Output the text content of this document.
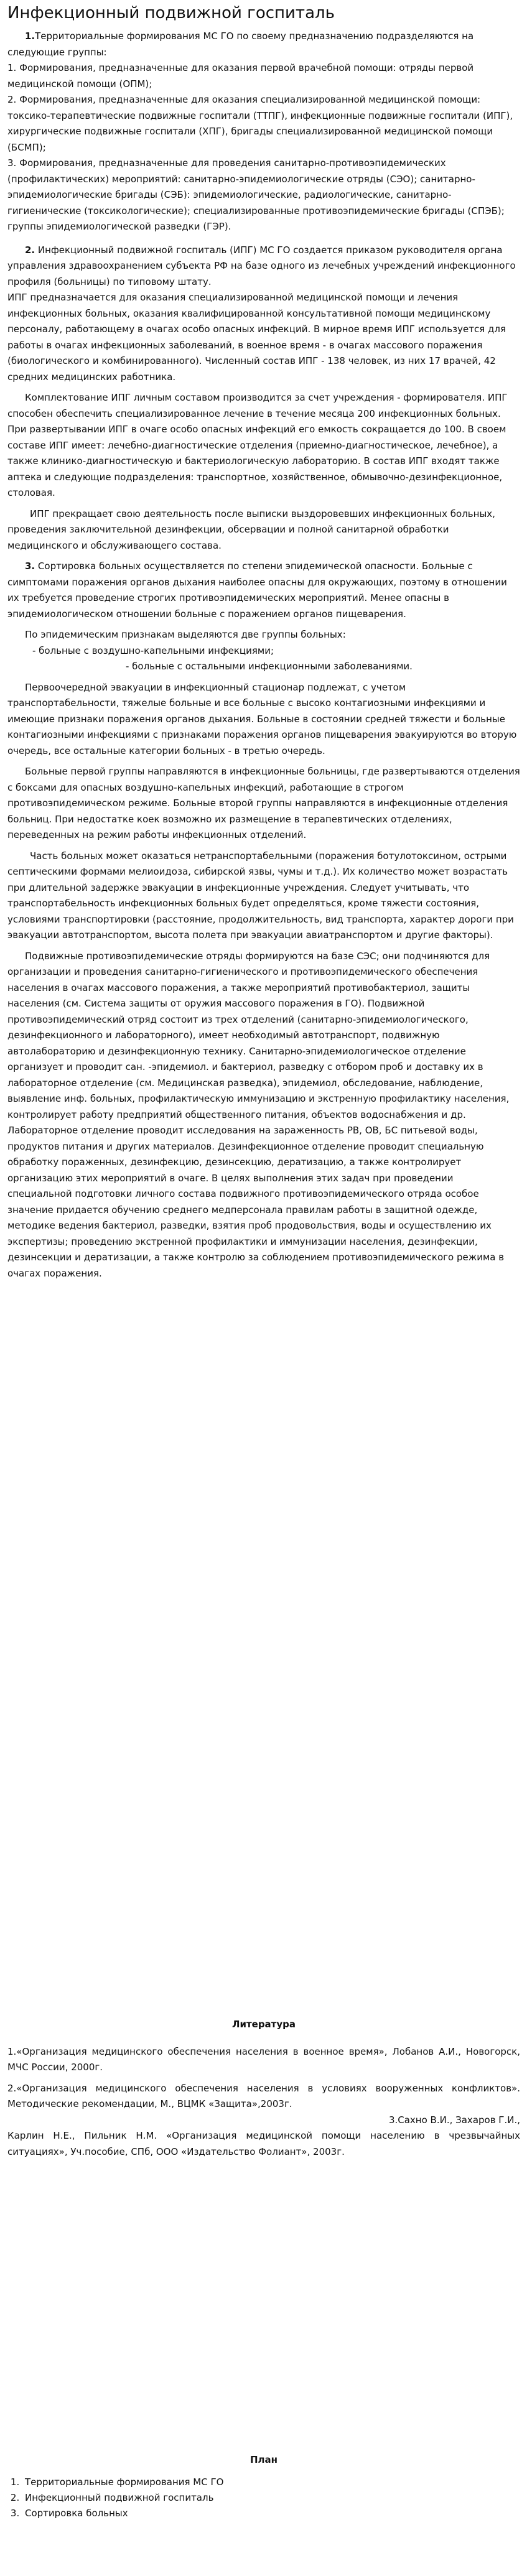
Инфекционный подвижной госпиталь

1.Территориальные формирования МС ГО по своему предназначению подразделяются на следующие группы:

1. Формирования, предназначенные для оказания первой врачебной помощи: отряды первой медицинской помощи (ОПМ);

2. Формирования, предназначенные для оказания специализированной медицинской помощи: токсико-терапевтические подвижные госпитали (ТТПГ), инфекционные подвижные госпитали (ИПГ), хирургические подвижные госпитали (ХПГ), бригады специализированной медицинской помощи (БСМП);

3. Формирования, предназначенные для проведения санитарно-противоэпидемических (профилактических) мероприятий: санитарно-эпидемиологические отряды (СЭО); санитарно-эпидемиологические бригады (СЭБ): эпидемиологические, радиологические, санитарно-гигиенические (токсикологические); специализированные противоэпидемические бригады (СПЭБ); группы эпидемиологической разведки (ГЭР).

2. Инфекционный подвижной госпиталь (ИПГ) МС ГО создается приказом руководителя органа управления здравоохранением субъекта РФ на базе одного из лечебных учреждений инфекционного профиля (больницы) по типовому штату.

ИПГ предназначается для оказания специализированной медицинской помощи и лечения инфекционных больных, оказания квалифицированной консультативной помощи медицинскому персоналу, работающему в очагах особо опасных инфекций. В мирное время ИПГ используется для работы в очагах инфекционных заболеваний, в военное время - в очагах массового поражения (биологического и комбинированного). Численный состав ИПГ - 138 человек, из них 17 врачей, 42 средних медицинских работника.

Комплектование ИПГ личным составом производится за счет учреждения - формирователя. ИПГ способен обеспечить специализированное лечение в течение месяца 200 инфекционных больных. При развертывании ИПГ в очаге особо опасных инфекций его емкость сокращается до 100. В своем составе ИПГ имеет: лечебно-диагностические отделения (приемно-диагностическое, лечебное), а также клинико-диагностическую и бактериологическую лабораторию. В состав ИПГ входят также аптека и следующие подразделения: транспортное, хозяйственное, обмывочно-дезинфекционное, столовая.

ИПГ прекращает свою деятельность после выписки выздоровевших инфекционных больных, проведения заключительной дезинфекции, обсервации и полной санитарной обработки медицинского и обслуживающего состава.

3. Сортировка больных осуществляется по степени эпидемической опасности. Больные с симптомами поражения органов дыхания наиболее опасны для окружающих, поэтому в отношении их требуется проведение строгих противоэпидемических мероприятий. Менее опасны в эпидемиологическом отношении больные с поражением органов пищеварения.

По эпидемическим признакам выделяются две группы больных:

- больные с воздушно-капельными инфекциями;

- больные с остальными инфекционными заболеваниями.

Первоочередной эвакуации в инфекционный стационар подлежат, с учетом транспортабельности, тяжелые больные и все больные с высоко контагиозными инфекциями и имеющие признаки поражения органов дыхания. Больные в состоянии средней тяжести и больные контагиозными инфекциями с признаками поражения органов пищеварения эвакуируются во вторую очередь, все остальные категории больных - в третью очередь.

Больные первой группы направляются в инфекционные больницы, где развертываются отделения с боксами для опасных воздушно-капельных инфекций, работающие в строгом противоэпидемическом режиме. Больные второй группы направляются в инфекционные отделения больниц. При недостатке коек возможно их размещение в терапевтических отделениях, переведенных на режим работы инфекционных отделений.

Часть больных может оказаться нетранспортабельными (поражения ботулотоксином, острыми септическими формами мелиоидоза, сибирской язвы, чумы и т.д.). Их количество может возрастать при длительной задержке эвакуации в инфекционные учреждения. Следует учитывать, что транспортабельность инфекционных больных будет определяться, кроме тяжести состояния, условиями транспортировки (расстояние, продолжительность, вид транспорта, характер дороги при эвакуации автотранспортом, высота полета при эвакуации авиатранспортом и другие факторы).

Подвижные противоэпидемические отряды формируются на базе СЭС; они подчиняются для организации и проведения санитарно-гигиенического и противоэпидемического обеспечения населения в очагах массового поражения, а также мероприятий противобактериол, защиты населения (см. Система защиты от оружия массового поражения в ГО). Подвижной противоэпидемический отряд состоит из трех отделений (санитарно-эпидемиологического, дезинфекционного и лабораторного), имеет необходимый автотранспорт, подвижную автолабораторию и дезинфекционную технику. Санитарно-эпидемиологическое отделение организует и проводит сан. -эпидемиол. и бактериол, разведку с отбором проб и доставку их в лабораторное отделение (см. Медицинская разведка), эпидемиол, обследование, наблюдение, выявление инф. больных, профилактическую иммунизацию и экстренную профилактику населения, контролирует работу предприятий общественного питания, объектов водоснабжения и др. Лабораторное отделение проводит исследования на зараженность РВ, ОВ, БС питьевой воды, продуктов питания и других материалов. Дезинфекционное отделение проводит специальную обработку пораженных, дезинфекцию, дезинсекцию, дератизацию, а также контролирует организацию этих мероприятий в очаге. В целях выполнения этих задач при проведении специальной подготовки личного состава подвижного противоэпидемического отряда особое значение придается обучению среднего медперсонала правилам работы в защитной одежде, методике ведения бактериол, разведки, взятия проб продовольствия, воды и осуществлению их экспертизы; проведению экстренной профилактики и иммунизации населения, дезинфекции, дезинсекции и дератизации, а также контролю за соблюдением противоэпидемического режима в очагах поражения.

Литература

1.«Организация медицинского обеспечения населения в военное время», Лобанов А.И., Новогорск, МЧС России, 2000г.

2.«Организация медицинского обеспечения населения в условиях вооруженных конфликтов». Методические рекомендации, М., ВЦМК «Защита»,2003г.

3.Сахно В.И., Захаров Г.И.,

Карлин Н.Е., Пильник Н.М. «Организация медицинской помощи населению в чрезвычайных ситуациях», Уч.пособие, СПб, ООО «Издательство Фолиант», 2003г.

План

1. Территориальные формирования МС ГО
2. Инфекционный подвижной госпиталь
3. Сортировка больных
